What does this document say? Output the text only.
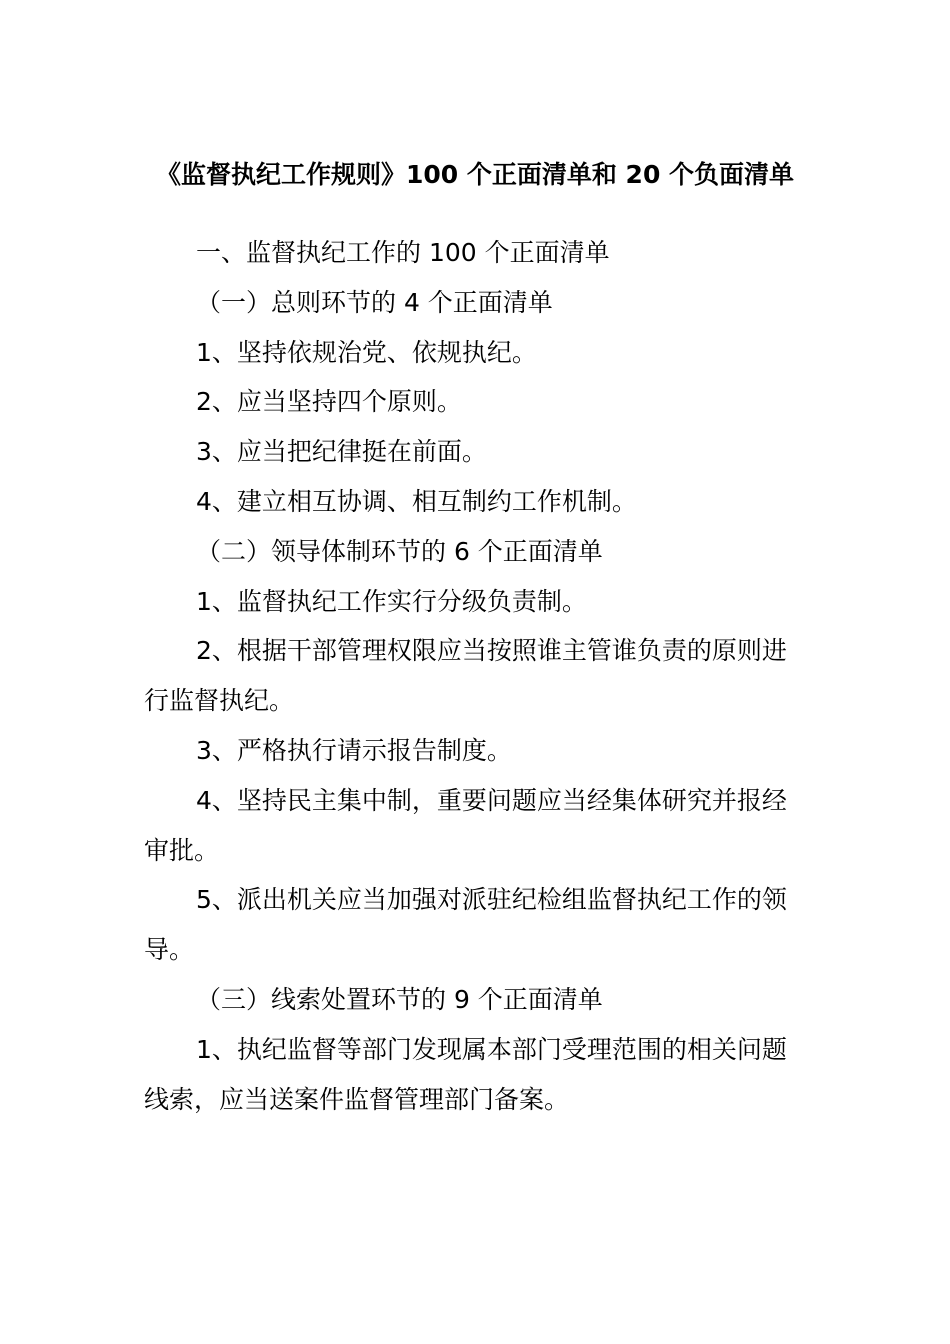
《监督执纪工作规则》100 个正面清单和 20 个负面清单

一、监督执纪工作的 100 个正面清单

（一）总则环节的 4 个正面清单

1、坚持依规治党、依规执纪。

2、应当坚持四个原则。

3、应当把纪律挺在前面。

4、建立相互协调、相互制约工作机制。

（二）领导体制环节的 6 个正面清单

1、监督执纪工作实行分级负责制。

2、根据干部管理权限应当按照谁主管谁负责的原则进行监督执纪。

3、严格执行请示报告制度。

4、坚持民主集中制，重要问题应当经集体研究并报经审批。

5、派出机关应当加强对派驻纪检组监督执纪工作的领导。

（三）线索处置环节的 9 个正面清单

1、执纪监督等部门发现属本部门受理范围的相关问题线索，应当送案件监督管理部门备案。
